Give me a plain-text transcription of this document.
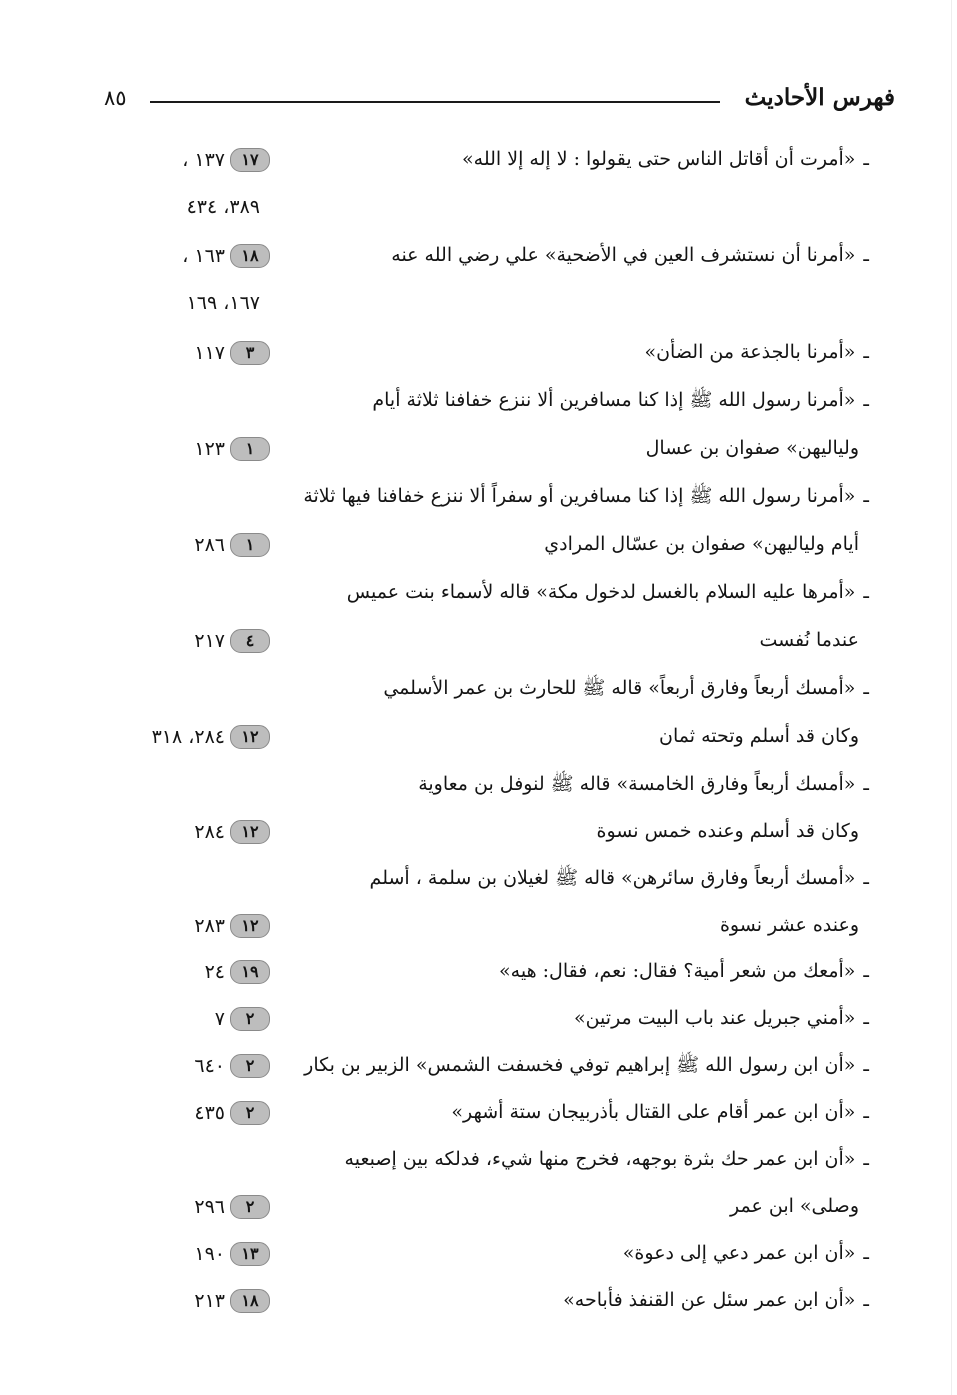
فهرس الأحاديث
٨٥
ـ«أمرت أن أقاتل الناس حتى يقولوا : لا إله إلا الله»
١٧١٣٧ ،
٣٨٩، ٤٣٤
ـ«أمرنا أن نستشرف العين في الأضحية» علي رضي الله عنه
١٨١٦٣ ،
١٦٧، ١٦٩
ـ«أمرنا بالجذعة من الضأن»
٣١١٧
ـ«أمرنا رسول الله ﷺ إذا كنا مسافرين ألا ننزع خفافنا ثلاثة أيام
ولياليهن» صفوان بن عسال
١١٢٣
ـ«أمرنا رسول الله ﷺ إذا كنا مسافرين أو سفراً ألا ننزع خفافنا فيها ثلاثة
أيام ولياليهن» صفوان بن عسّال المرادي
١٢٨٦
ـ«أمرها عليه السلام بالغسل لدخول مكة» قاله لأسماء بنت عميس
عندما نُفست
٤٢١٧
ـ«أمسك أربعاً وفارق أربعاً» قاله ﷺ للحارث بن عمر الأسلمي
وكان قد أسلم وتحته ثمان
١٢٢٨٤، ٣١٨
ـ«أمسك أربعاً وفارق الخامسة» قاله ﷺ لنوفل بن معاوية
وكان قد أسلم وعنده خمس نسوة
١٢٢٨٤
ـ«أمسك أربعاً وفارق سائرهن» قاله ﷺ لغيلان بن سلمة ، أسلم
وعنده عشر نسوة
١٢٢٨٣
ـ«أمعك من شعر أمية؟ فقال: نعم، فقال: هيه»
١٩٢٤
ـ«أمني جبريل عند باب البيت مرتين»
٢٧
ـ«أن ابن رسول الله ﷺ إبراهيم توفي فخسفت الشمس» الزبير بن بكار
٢٦٤٠
ـ«أن ابن عمر أقام على القتال بأذربيجان ستة أشهر»
٢٤٣٥
ـ«أن ابن عمر حك بثرة بوجهه، فخرج منها شيء، فدلكه بين إصبعيه
وصلى» ابن عمر
٢٢٩٦
ـ«أن ابن عمر دعي إلى دعوة»
١٣١٩٠
ـ«أن ابن عمر سئل عن القنفذ فأباحه»
١٨٢١٣
